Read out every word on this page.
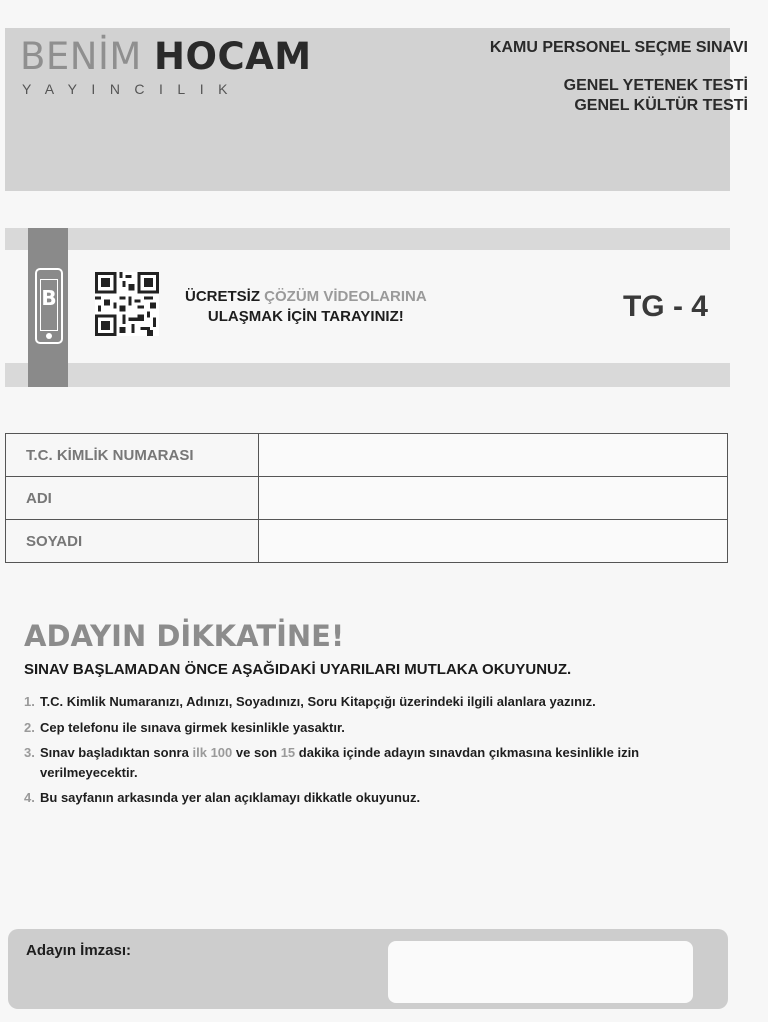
BENİM HOCAM
YAYINCILIK
KAMU PERSONEL SEÇME SINAVI
GENEL YETENEK TESTİ
GENEL KÜLTÜR TESTİ
B	ÜCRETSİZ ÇÖZÜM VİDEOLARINA
ULAŞMAK İÇİN TARAYINIZ!	TG - 4
T.C. KİMLİK NUMARASI	
ADI	
SOYADI	
ADAYIN DİKKATİNE!
SINAV BAŞLAMADAN ÖNCE AŞAĞIDAKİ UYARILARI MUTLAKA OKUYUNUZ.
1. T.C. Kimlik Numaranızı, Adınızı, Soyadınızı, Soru Kitapçığı üzerindeki ilgili alanlara yazınız.
2. Cep telefonu ile sınava girmek kesinlikle yasaktır.
3. Sınav başladıktan sonra ilk 100 ve son 15 dakika içinde adayın sınavdan çıkmasına kesinlikle izin verilmeyecektir.
4. Bu sayfanın arkasında yer alan açıklamayı dikkatle okuyunuz.
Adayın İmzası:
